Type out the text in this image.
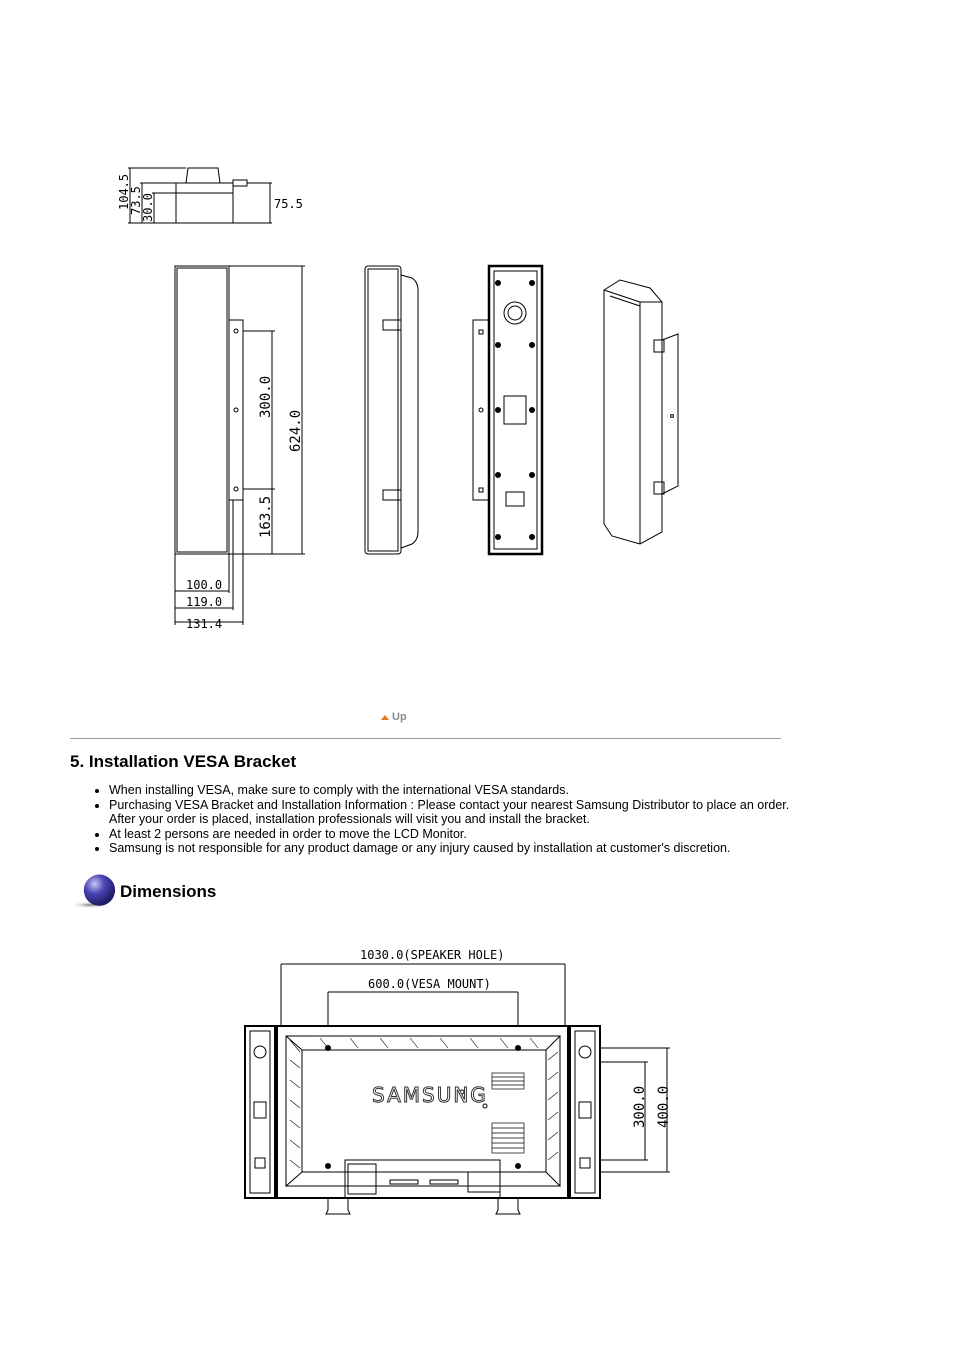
104.5
73.5
30.0	75.5
300.0
624.0
163.5
100.0
119.0
131.4
Up
5. Installation VESA Bracket
• When installing VESA, make sure to comply with the international VESA standards.
• Purchasing VESA Bracket and Installation Information : Please contact your nearest Samsung Distributor to place an order. After your order is placed, installation professionals will visit you and install the bracket.
• At least 2 persons are needed in order to move the LCD Monitor.
• Samsung is not responsible for any product damage or any injury caused by installation at customer's discretion.
Dimensions
1030.0(SPEAKER HOLE)
600.0(VESA MOUNT)
SAMSUNG	300.0 400.0
